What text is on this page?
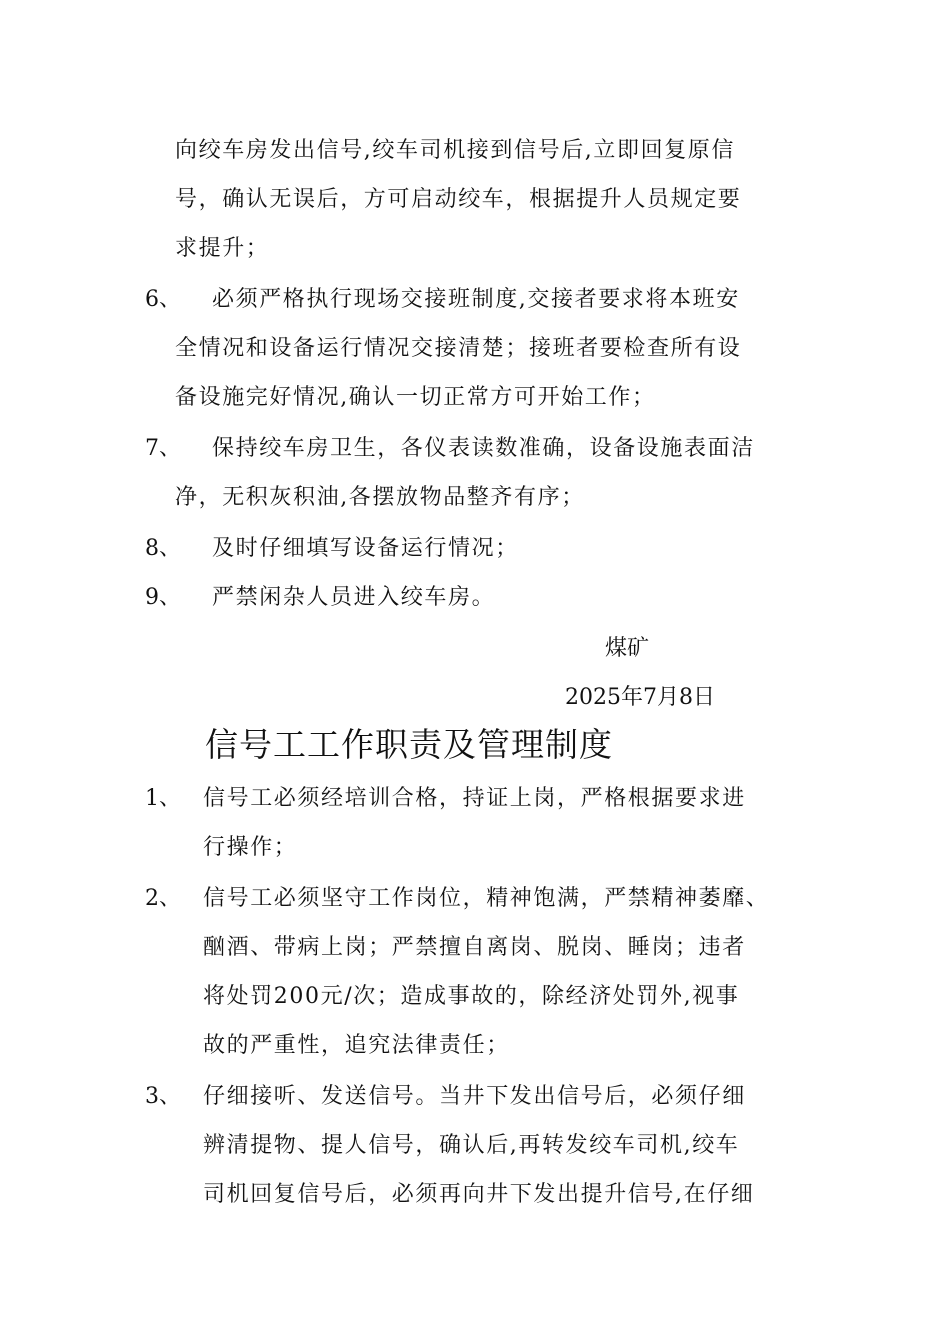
向绞车房发出信号,绞车司机接到信号后,立即回复原信
号，确认无误后，方可启动绞车，根据提升人员规定要
求提升；
6、 必须严格执行现场交接班制度,交接者要求将本班安
全情况和设备运行情况交接清楚；接班者要检查所有设
备设施完好情况,确认一切正常方可开始工作；
7、 保持绞车房卫生，各仪表读数准确，设备设施表面洁
净，无积灰积油,各摆放物品整齐有序；
8、 及时仔细填写设备运行情况；
9、 严禁闲杂人员进入绞车房。
煤矿
2025年7月8日
信号工工作职责及管理制度
1、 信号工必须经培训合格，持证上岗，严格根据要求进
行操作；
2、 信号工必须坚守工作岗位，精神饱满，严禁精神萎靡、
酗酒、带病上岗；严禁擅自离岗、脱岗、睡岗；违者
将处罚200元/次；造成事故的，除经济处罚外,视事
故的严重性，追究法律责任；
3、 仔细接听、发送信号。当井下发出信号后，必须仔细
辨清提物、提人信号，确认后,再转发绞车司机,绞车
司机回复信号后，必须再向井下发出提升信号,在仔细
